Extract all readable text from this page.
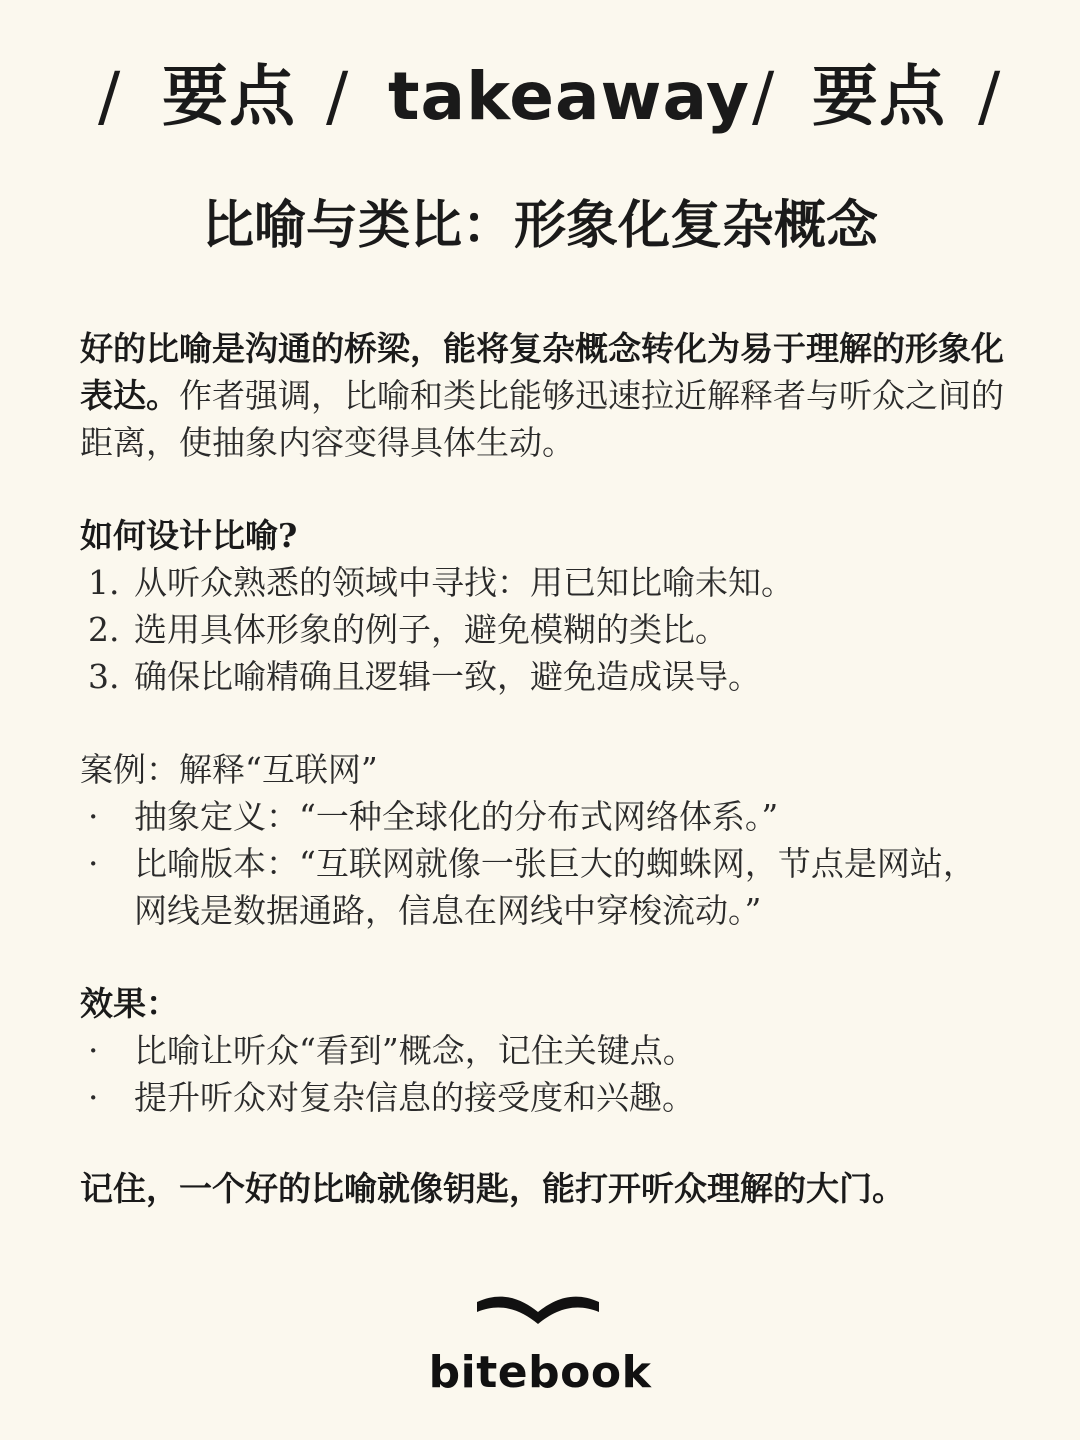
/ 要点 / takeaway / 要点 /
比喻与类比：形象化复杂概念
好的比喻是沟通的桥梁，能将复杂概念转化为易于理解的形象化表达。作者强调，比喻和类比能够迅速拉近解释者与听众之间的距离，使抽象内容变得具体生动。
如何设计比喻?
1. 从听众熟悉的领域中寻找：用已知比喻未知。
2. 选用具体形象的例子，避免模糊的类比。
3. 确保比喻精确且逻辑一致，避免造成误导。
案例：解释“互联网”
· 抽象定义：“一种全球化的分布式网络体系。”
· 比喻版本：“互联网就像一张巨大的蜘蛛网，节点是网站，网线是数据通路，信息在网线中穿梭流动。”
效果：
· 比喻让听众“看到”概念，记住关键点。
· 提升听众对复杂信息的接受度和兴趣。
记住，一个好的比喻就像钥匙，能打开听众理解的大门。
bitebook
